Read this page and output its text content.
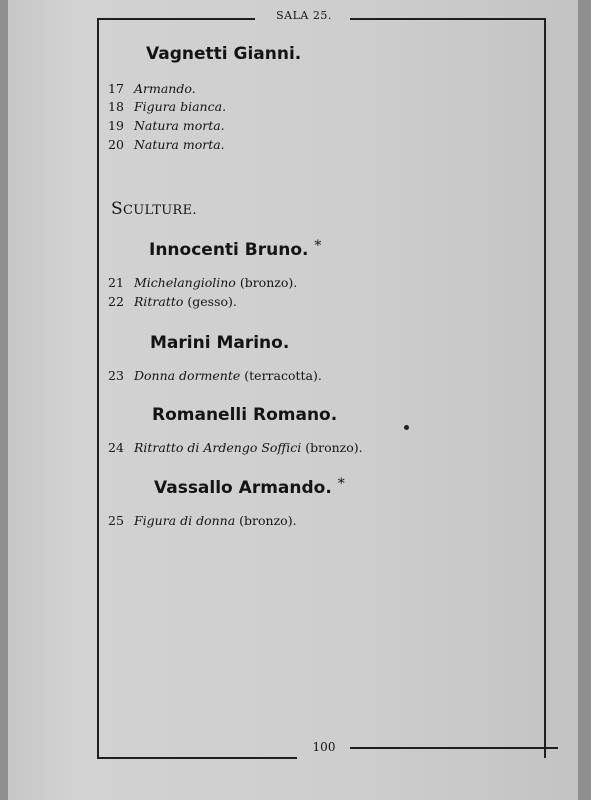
SALA 25.
Vagnetti Gianni.
17 Armando.
18 Figura bianca.
19 Natura morta.
20 Natura morta.
SCULTURE.
Innocenti Bruno. *
21 Michelangiolino (bronzo).
22 Ritratto (gesso).
Marini Marino.
23 Donna dormente (terracotta).
Romanelli Romano.
24 Ritratto di Ardengo Soffici (bronzo).
Vassallo Armando. *
25 Figura di donna (bronzo).
100
